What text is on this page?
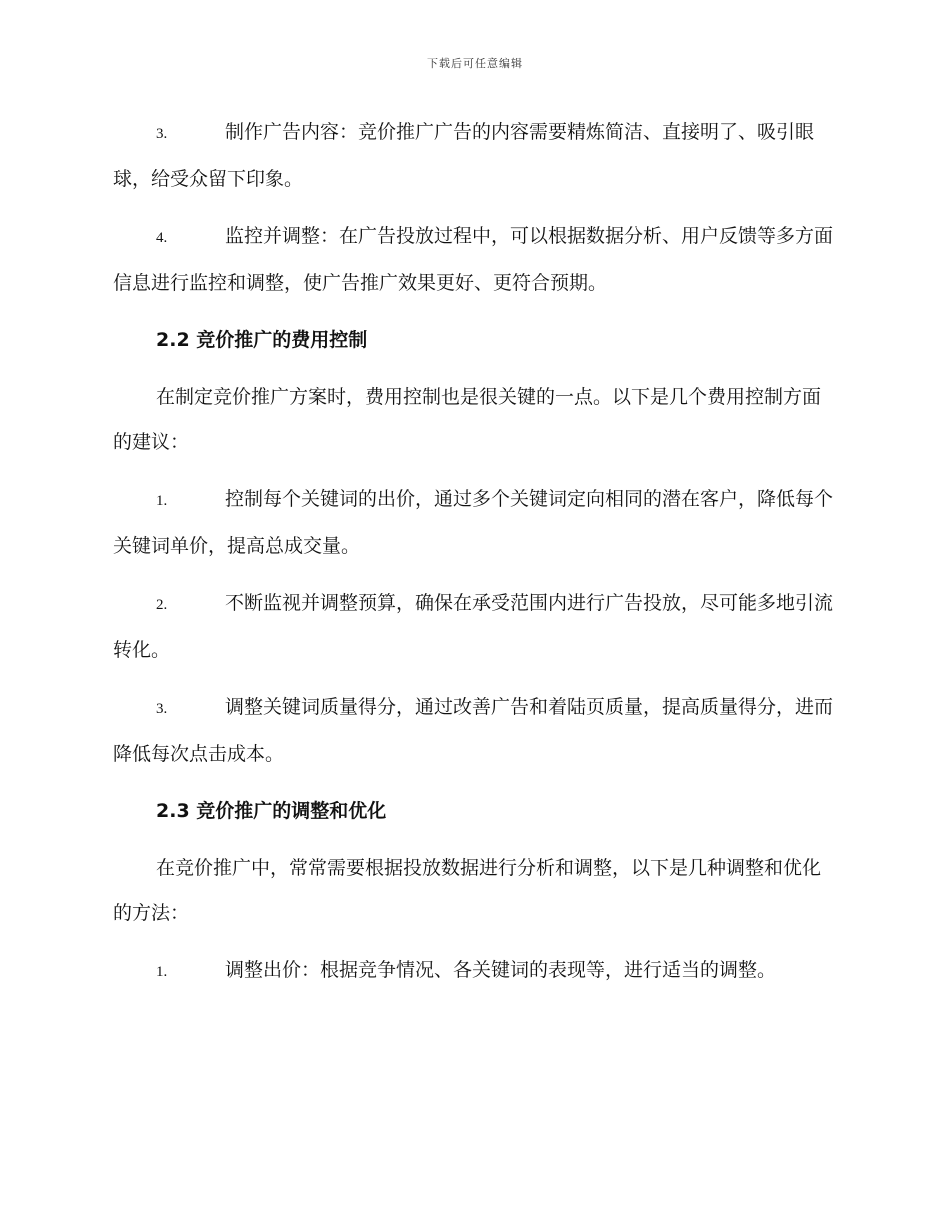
下载后可任意编辑
3.	制作广告内容：竞价推广广告的内容需要精炼简洁、直接明了、吸引眼球，给受众留下印象。
4.	监控并调整：在广告投放过程中，可以根据数据分析、用户反馈等多方面信息进行监控和调整，使广告推广效果更好、更符合预期。
2.2 竞价推广的费用控制

在制定竞价推广方案时，费用控制也是很关键的一点。以下是几个费用控制方面的建议：

1.	控制每个关键词的出价，通过多个关键词定向相同的潜在客户，降低每个关键词单价，提高总成交量。
2.	不断监视并调整预算，确保在承受范围内进行广告投放，尽可能多地引流转化。
3.	调整关键词质量得分，通过改善广告和着陆页质量，提高质量得分，进而降低每次点击成本。
2.3 竞价推广的调整和优化

在竞价推广中，常常需要根据投放数据进行分析和调整，以下是几种调整和优化的方法：

1.	调整出价：根据竞争情况、各关键词的表现等，进行适当的调整。
